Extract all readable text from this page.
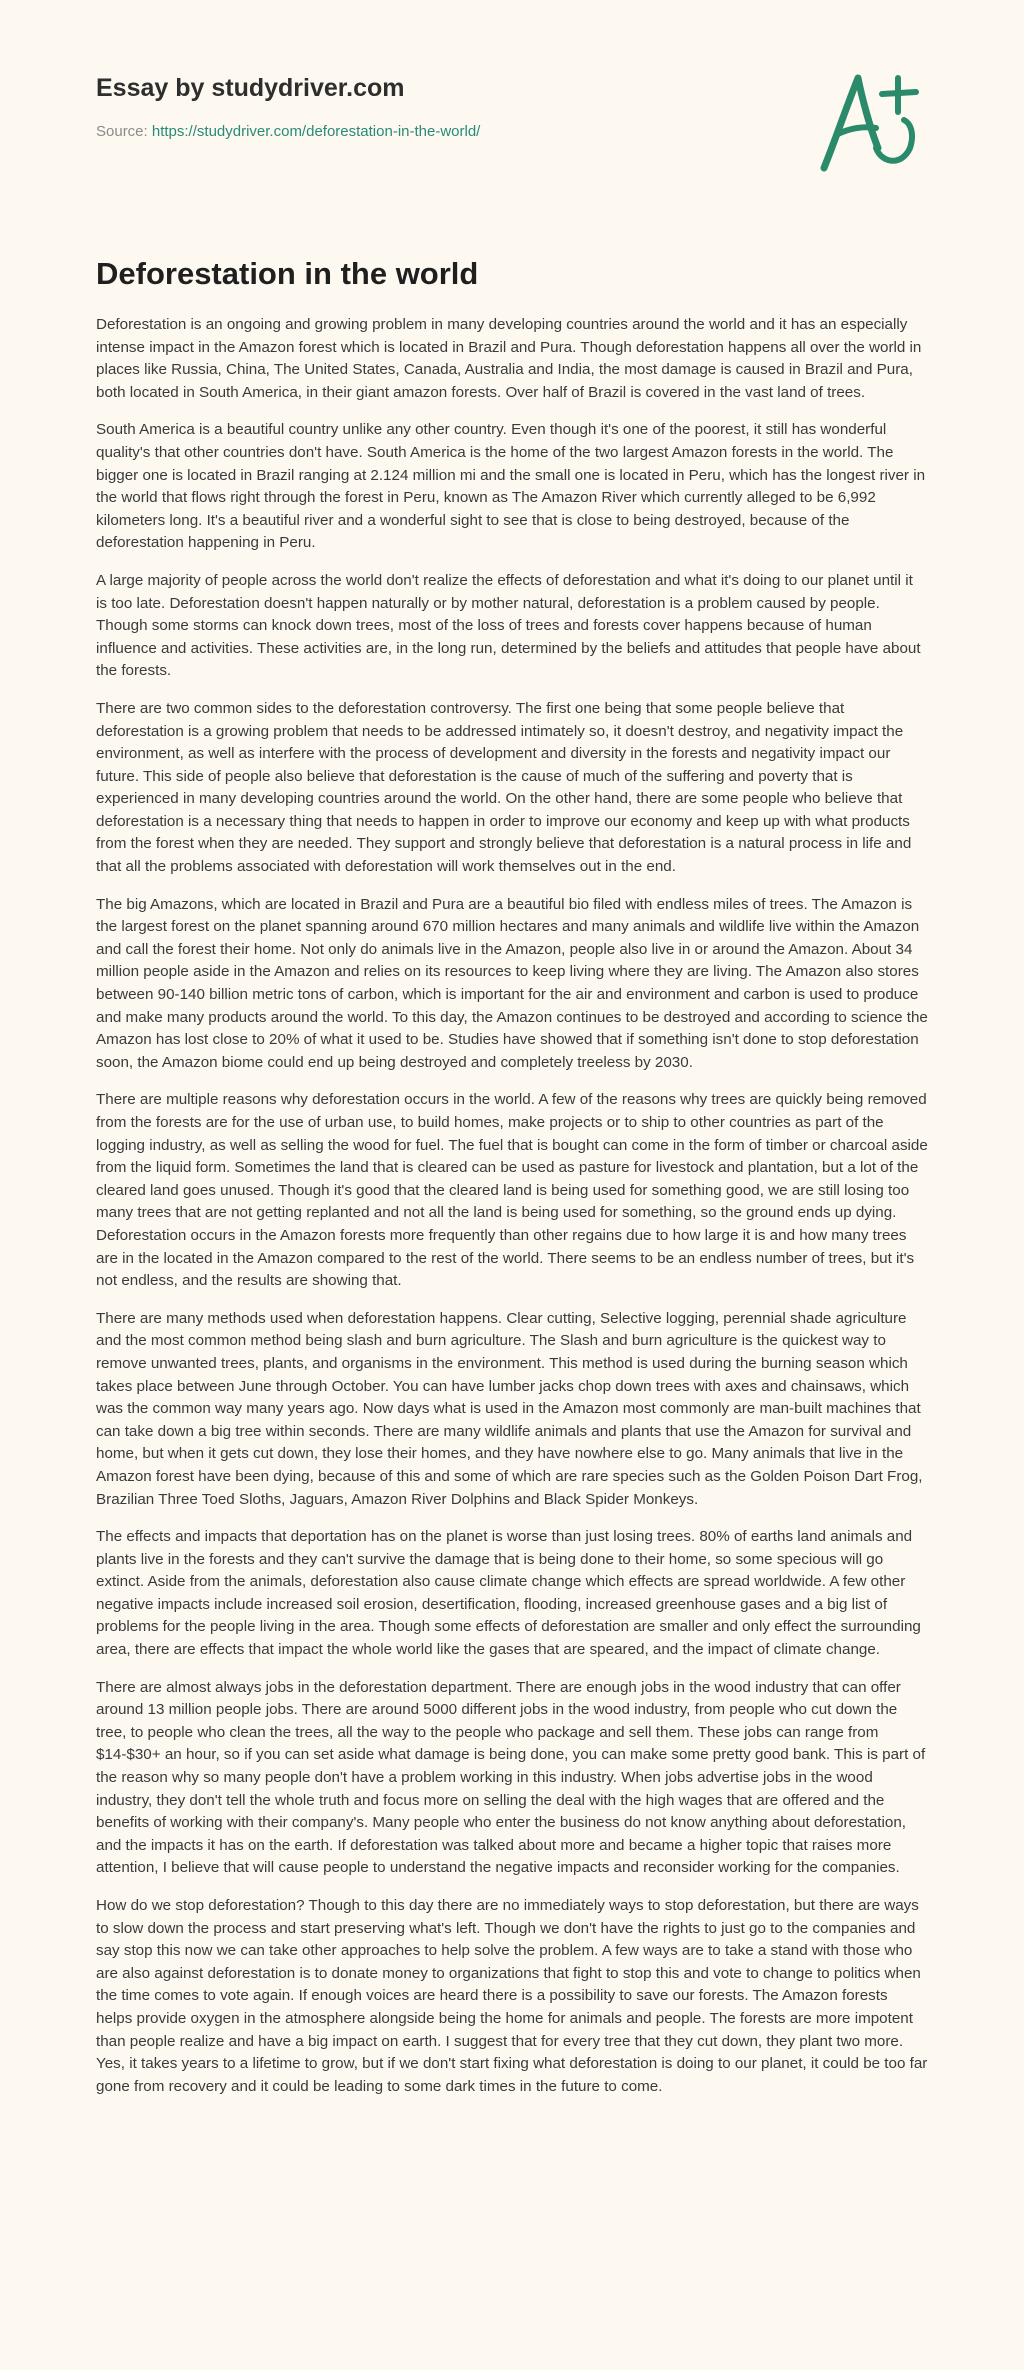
Essay by studydriver.com
Source: https://studydriver.com/deforestation-in-the-world/
Deforestation in the world

Deforestation is an ongoing and growing problem in many developing countries around the world and it has an especially intense impact in the Amazon forest which is located in Brazil and Pura. Though deforestation happens all over the world in places like Russia, China, The United States, Canada, Australia and India, the most damage is caused in Brazil and Pura, both located in South America, in their giant amazon forests. Over half of Brazil is covered in the vast land of trees.

South America is a beautiful country unlike any other country. Even though it's one of the poorest, it still has wonderful quality's that other countries don't have. South America is the home of the two largest Amazon forests in the world. The bigger one is located in Brazil ranging at 2.124 million mi and the small one is located in Peru, which has the longest river in the world that flows right through the forest in Peru, known as The Amazon River which currently alleged to be 6,992 kilometers long. It's a beautiful river and a wonderful sight to see that is close to being destroyed, because of the deforestation happening in Peru.

A large majority of people across the world don't realize the effects of deforestation and what it's doing to our planet until it is too late. Deforestation doesn't happen naturally or by mother natural, deforestation is a problem caused by people. Though some storms can knock down trees, most of the loss of trees and forests cover happens because of human influence and activities. These activities are, in the long run, determined by the beliefs and attitudes that people have about the forests.

There are two common sides to the deforestation controversy. The first one being that some people believe that deforestation is a growing problem that needs to be addressed intimately so, it doesn't destroy, and negativity impact the environment, as well as interfere with the process of development and diversity in the forests and negativity impact our future. This side of people also believe that deforestation is the cause of much of the suffering and poverty that is experienced in many developing countries around the world. On the other hand, there are some people who believe that deforestation is a necessary thing that needs to happen in order to improve our economy and keep up with what products from the forest when they are needed. They support and strongly believe that deforestation is a natural process in life and that all the problems associated with deforestation will work themselves out in the end.

The big Amazons, which are located in Brazil and Pura are a beautiful bio filed with endless miles of trees. The Amazon is the largest forest on the planet spanning around 670 million hectares and many animals and wildlife live within the Amazon and call the forest their home. Not only do animals live in the Amazon, people also live in or around the Amazon. About 34 million people aside in the Amazon and relies on its resources to keep living where they are living. The Amazon also stores between 90-140 billion metric tons of carbon, which is important for the air and environment and carbon is used to produce and make many products around the world. To this day, the Amazon continues to be destroyed and according to science the Amazon has lost close to 20% of what it used to be. Studies have showed that if something isn't done to stop deforestation soon, the Amazon biome could end up being destroyed and completely treeless by 2030.

There are multiple reasons why deforestation occurs in the world. A few of the reasons why trees are quickly being removed from the forests are for the use of urban use, to build homes, make projects or to ship to other countries as part of the logging industry, as well as selling the wood for fuel. The fuel that is bought can come in the form of timber or charcoal aside from the liquid form. Sometimes the land that is cleared can be used as pasture for livestock and plantation, but a lot of the cleared land goes unused. Though it's good that the cleared land is being used for something good, we are still losing too many trees that are not getting replanted and not all the land is being used for something, so the ground ends up dying. Deforestation occurs in the Amazon forests more frequently than other regains due to how large it is and how many trees are in the located in the Amazon compared to the rest of the world. There seems to be an endless number of trees, but it's not endless, and the results are showing that.

There are many methods used when deforestation happens. Clear cutting, Selective logging, perennial shade agriculture and the most common method being slash and burn agriculture. The Slash and burn agriculture is the quickest way to remove unwanted trees, plants, and organisms in the environment. This method is used during the burning season which takes place between June through October. You can have lumber jacks chop down trees with axes and chainsaws, which was the common way many years ago. Now days what is used in the Amazon most commonly are man-built machines that can take down a big tree within seconds. There are many wildlife animals and plants that use the Amazon for survival and home, but when it gets cut down, they lose their homes, and they have nowhere else to go. Many animals that live in the Amazon forest have been dying, because of this and some of which are rare species such as the Golden Poison Dart Frog, Brazilian Three Toed Sloths, Jaguars, Amazon River Dolphins and Black Spider Monkeys.

The effects and impacts that deportation has on the planet is worse than just losing trees. 80% of earths land animals and plants live in the forests and they can't survive the damage that is being done to their home, so some specious will go extinct. Aside from the animals, deforestation also cause climate change which effects are spread worldwide. A few other negative impacts include increased soil erosion, desertification, flooding, increased greenhouse gases and a big list of problems for the people living in the area. Though some effects of deforestation are smaller and only effect the surrounding area, there are effects that impact the whole world like the gases that are speared, and the impact of climate change.

There are almost always jobs in the deforestation department. There are enough jobs in the wood industry that can offer around 13 million people jobs. There are around 5000 different jobs in the wood industry, from people who cut down the tree, to people who clean the trees, all the way to the people who package and sell them. These jobs can range from $14-$30+ an hour, so if you can set aside what damage is being done, you can make some pretty good bank. This is part of the reason why so many people don't have a problem working in this industry. When jobs advertise jobs in the wood industry, they don't tell the whole truth and focus more on selling the deal with the high wages that are offered and the benefits of working with their company's. Many people who enter the business do not know anything about deforestation, and the impacts it has on the earth. If deforestation was talked about more and became a higher topic that raises more attention, I believe that will cause people to understand the negative impacts and reconsider working for the companies.

How do we stop deforestation? Though to this day there are no immediately ways to stop deforestation, but there are ways to slow down the process and start preserving what's left. Though we don't have the rights to just go to the companies and say stop this now we can take other approaches to help solve the problem. A few ways are to take a stand with those who are also against deforestation is to donate money to organizations that fight to stop this and vote to change to politics when the time comes to vote again. If enough voices are heard there is a possibility to save our forests. The Amazon forests helps provide oxygen in the atmosphere alongside being the home for animals and people. The forests are more impotent than people realize and have a big impact on earth. I suggest that for every tree that they cut down, they plant two more. Yes, it takes years to a lifetime to grow, but if we don't start fixing what deforestation is doing to our planet, it could be too far gone from recovery and it could be leading to some dark times in the future to come.
